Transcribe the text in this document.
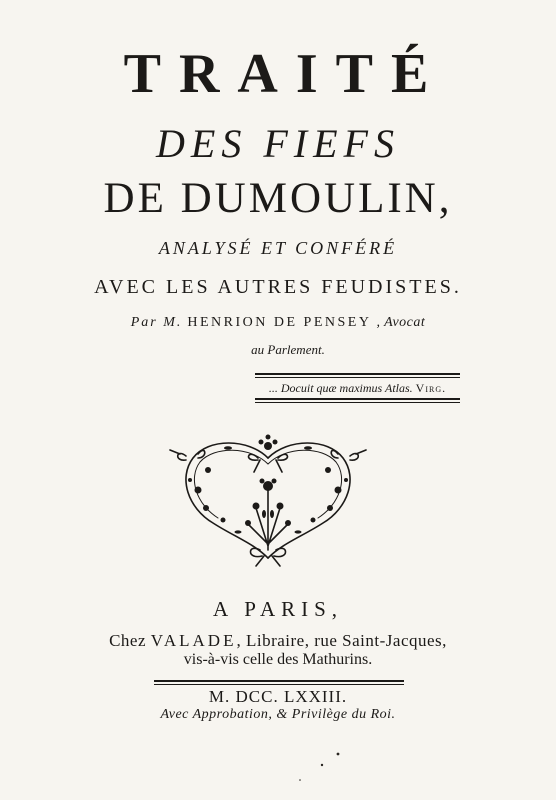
TRAITÉ
DES FIEFS
DE DUMOULIN,
ANALYSÉ ET CONFÉRÉ
AVEC LES AUTRES FEUDISTES.
Par M. HENRION DE PENSEY , Avocat
au Parlement.
... Docuit quæ maximus Atlas. Virg.
A PARIS,
Chez VALADE, Libraire, rue Saint-Jacques,
vis-à-vis celle des Mathurins.
M. DCC. LXXIII.
Avec Approbation, & Privilège du Roi.
